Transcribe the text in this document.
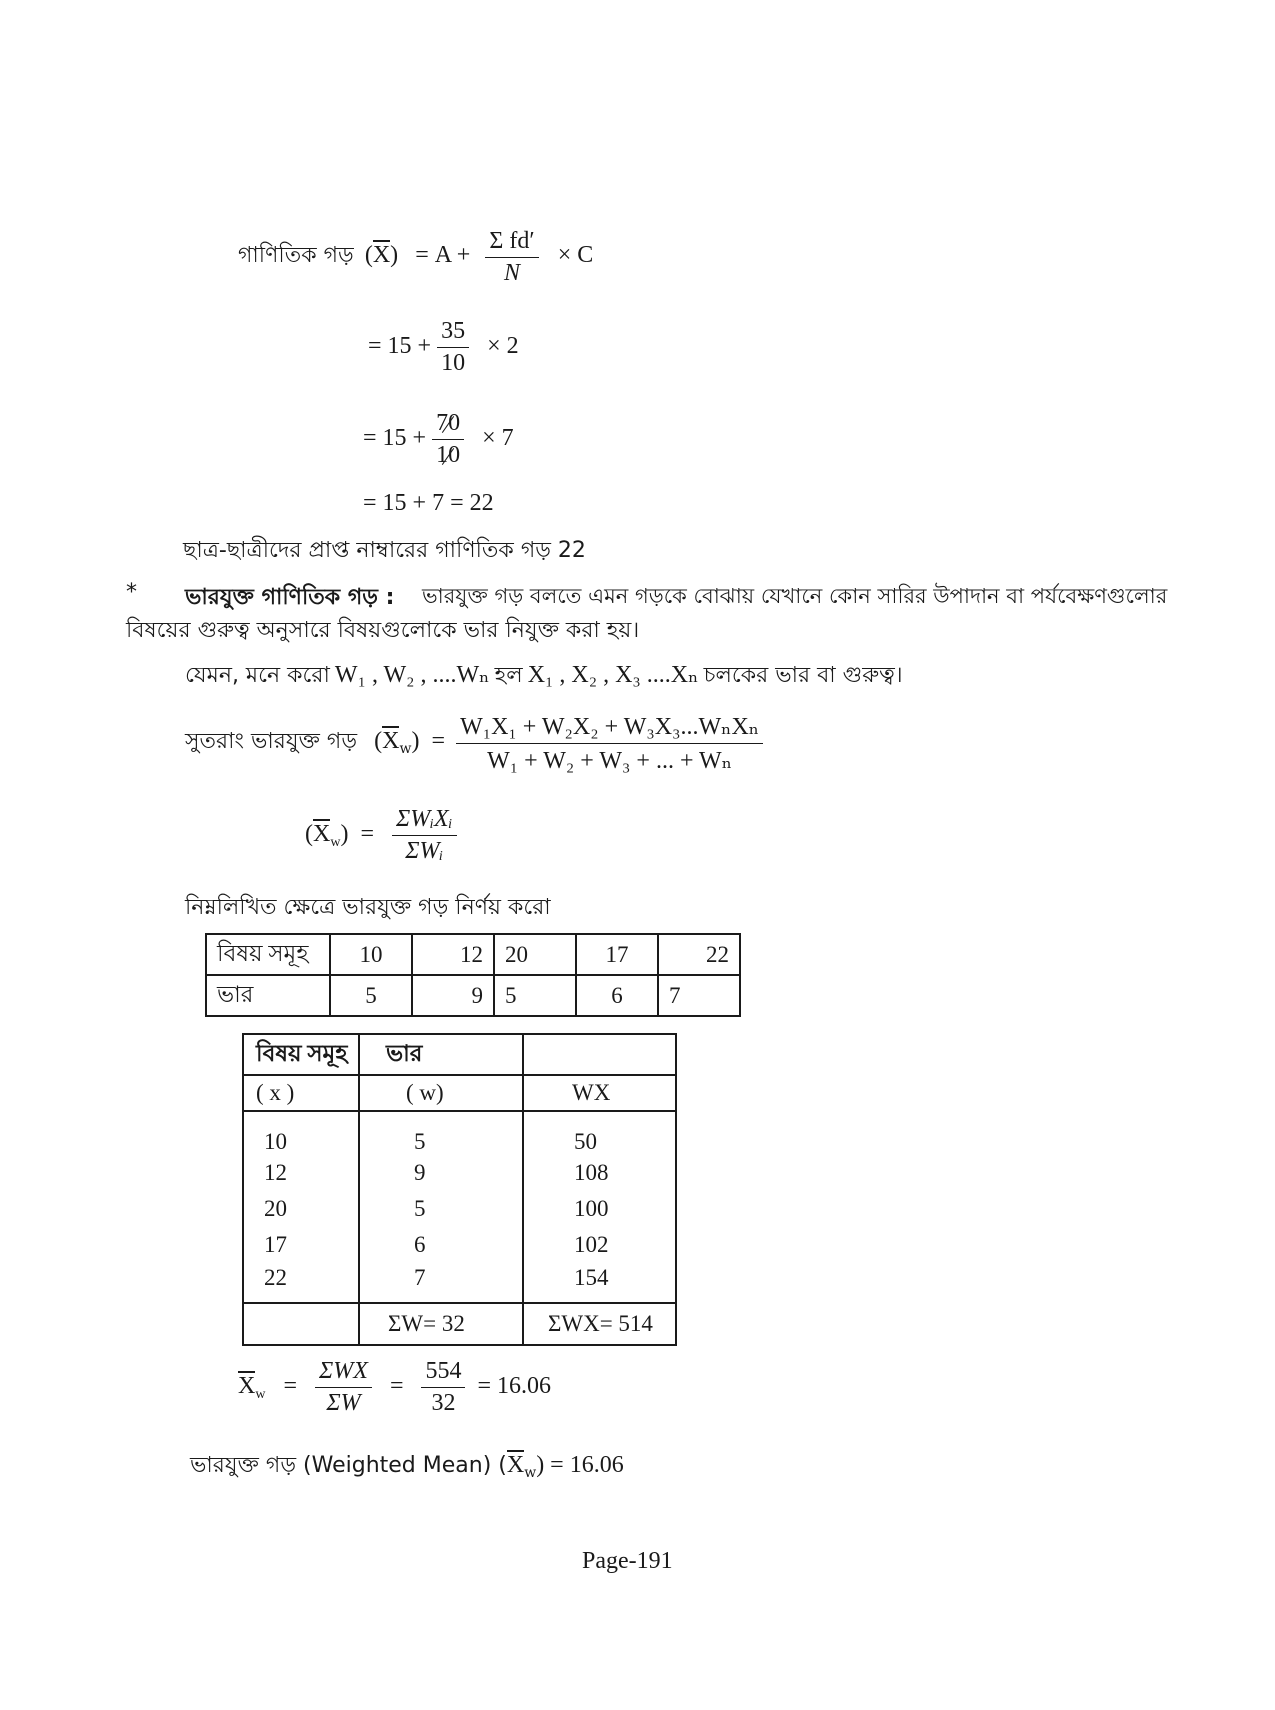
গাণিতিক গড়  $(X) = A + \frac{\text{Σ fd′}}{N} \times C$
= $15 + \frac{35}{10} \times 2$
= $15 + \frac{70}{10} \times 7$
= 15 + 7 = 22
ছাত্র-ছাত্রীদের প্রাপ্ত নাম্বারের গাণিতিক গড় 22
* ভারযুক্ত গাণিতিক গড় : ভারযুক্ত গড় বলতে এমন গড়কে বোঝায় যেখানে কোন সারির উপাদান বা পর্যবেক্ষণগুলোর
বিষয়ের গুরুত্ব অনুসারে বিষয়গুলোকে ভার নিযুক্ত করা হয়।
যেমন, মনে করো W₁ , W₂ , ....Wₙ হল X₁ , X₂ , X₃ ....Xₙ চলকের ভার বা গুরুত্ব।
সুতরাং ভারযুক্ত গড়   $(Xw) = \frac{\text{W₁X₁ + W₂X₂ + W₃X₃...WₙXₙ}}{\text{W₁ + W₂ + W₃ + ... + Wₙ}}$
$(X_w) = \frac{\text{ΣWᵢXᵢ}}{\text{ΣWᵢ}}$
নিম্নলিখিত ক্ষেত্রে ভারযুক্ত গড় নির্ণয় করো
বিষয় সমূহ	10	12	20	17	22
ভার	5	9	5	6	7
বিষয় সমূহ	ভার	
( x )	( w)	WX
10	5	50
12	9	108
20	5	100
17	6	102
22	7	154
	ΣW= 32	ΣWX= 514
$X_w = \frac{\text{ΣWX}}{\Sigma W} = \frac{554}{32} = 16.06$
ভারযুক্ত গড় (Weighted Mean) (Xw) = 16.06
Page-191
